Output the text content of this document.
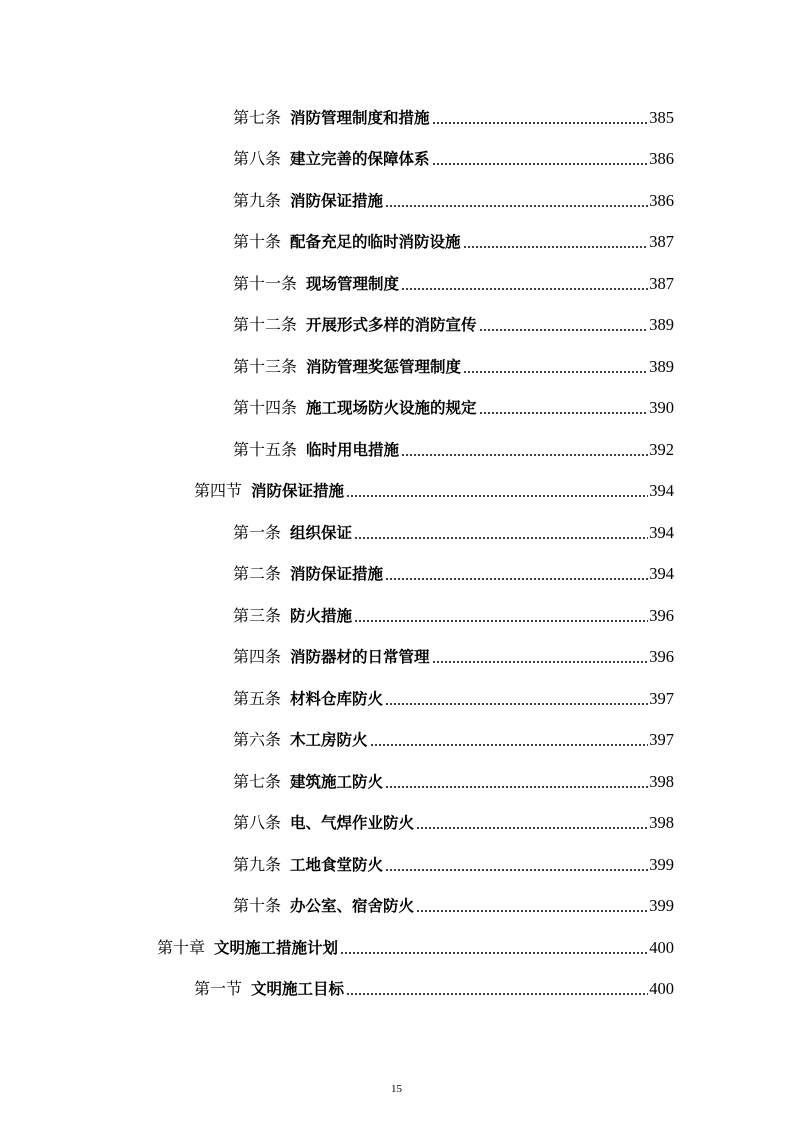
第七条 消防管理制度和措施	385
第八条 建立完善的保障体系	386
第九条 消防保证措施	386
第十条 配备充足的临时消防设施	387
第十一条 现场管理制度	387
第十二条 开展形式多样的消防宣传	389
第十三条 消防管理奖惩管理制度	389
第十四条 施工现场防火设施的规定	390
第十五条 临时用电措施	392
第四节 消防保证措施	394
第一条 组织保证	394
第二条 消防保证措施	394
第三条 防火措施	396
第四条 消防器材的日常管理	396
第五条 材料仓库防火	397
第六条 木工房防火	397
第七条 建筑施工防火	398
第八条 电、气焊作业防火	398
第九条 工地食堂防火	399
第十条 办公室、宿舍防火	399
第十章 文明施工措施计划	400
第一节 文明施工目标	400
15
